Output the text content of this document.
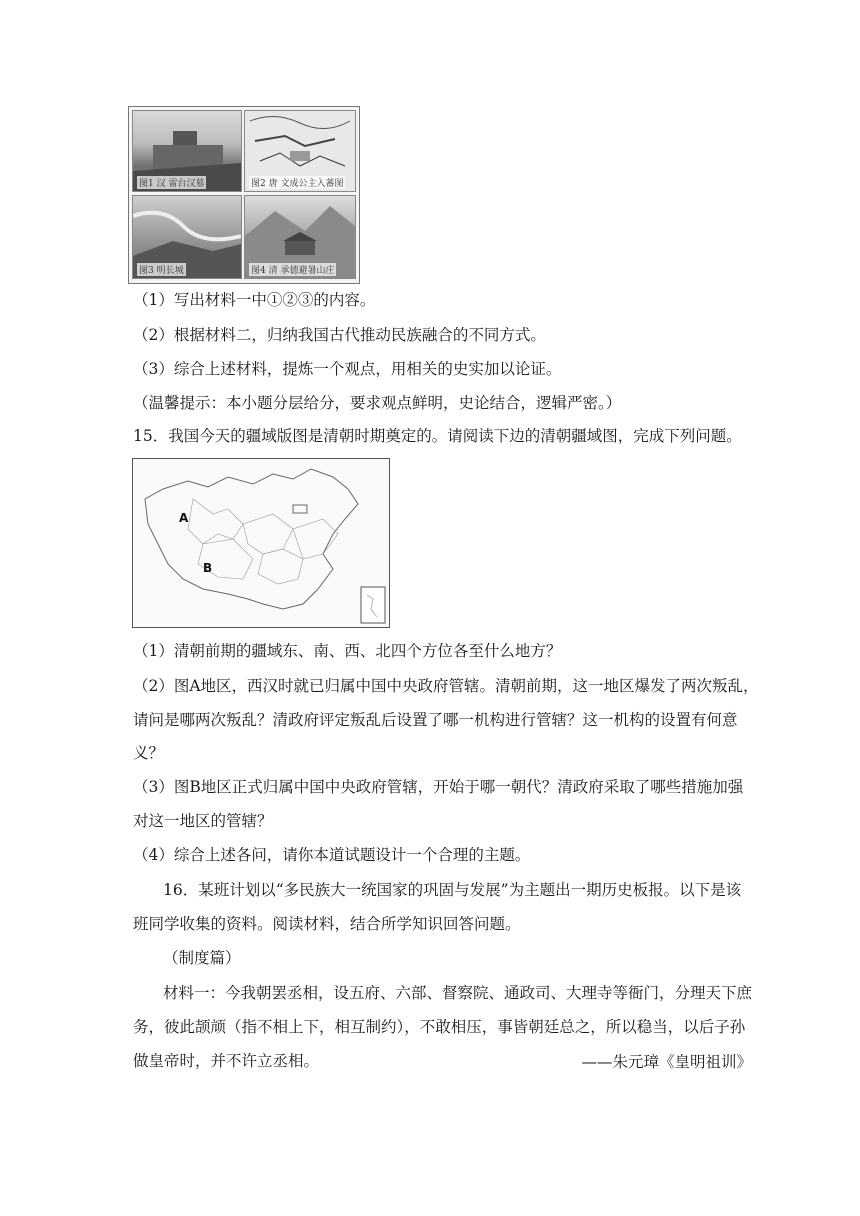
图1 汉 雷台汉墓	图2 唐 文成公主入蕃图
图3 明长城	图4 清 承德避暑山庄
（1）写出材料一中①②③的内容。
（2）根据材料二，归纳我国古代推动民族融合的不同方式。
（3）综合上述材料，提炼一个观点，用相关的史实加以论证。
（温馨提示：本小题分层给分，要求观点鲜明，史论结合，逻辑严密。）
15．我国今天的疆域版图是清朝时期奠定的。请阅读下边的清朝疆域图，完成下列问题。
A
B
（1）清朝前期的疆域东、南、西、北四个方位各至什么地方？
（2）图A地区，西汉时就已归属中国中央政府管辖。清朝前期，这一地区爆发了两次叛乱，
请问是哪两次叛乱？清政府评定叛乱后设置了哪一机构进行管辖？这一机构的设置有何意
义？
（3）图B地区正式归属中国中央政府管辖，开始于哪一朝代？清政府采取了哪些措施加强
对这一地区的管辖？
（4）综合上述各问，请你本道试题设计一个合理的主题。
16．某班计划以“多民族大一统国家的巩固与发展”为主题出一期历史板报。以下是该
班同学收集的资料。阅读材料，结合所学知识回答问题。
（制度篇）
材料一：今我朝罢丞相，设五府、六部、督察院、通政司、大理寺等衙门，分理天下庶
务，彼此颉颃（指不相上下，相互制约），不敢相压，事皆朝廷总之，所以稳当，以后子孙
做皇帝时，并不许立丞相。	——朱元璋《皇明祖训》
